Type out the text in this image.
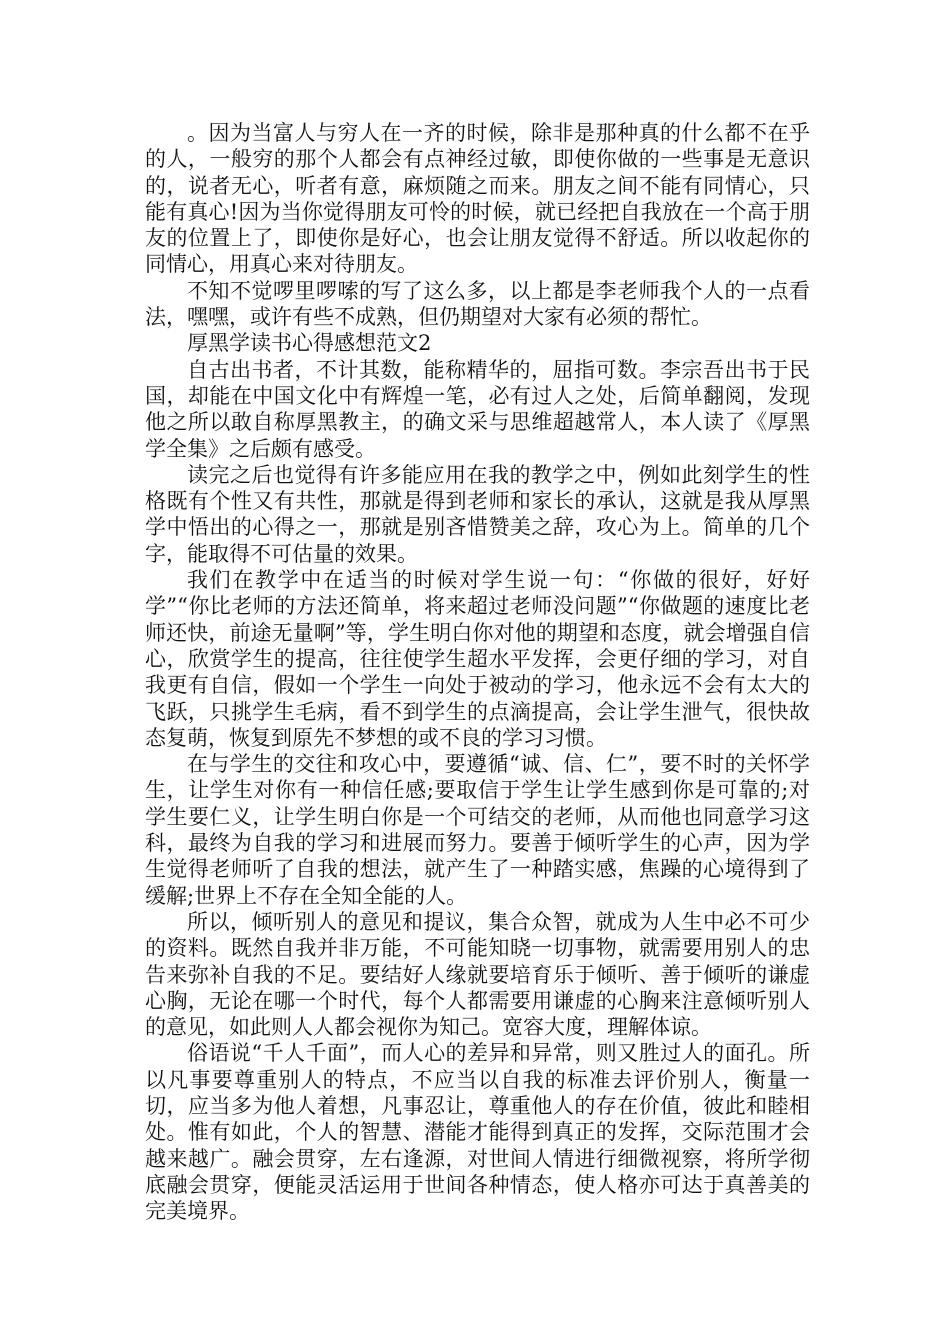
。因为当富人与穷人在一齐的时候，除非是那种真的什么都不在乎的人，一般穷的那个人都会有点神经过敏，即使你做的一些事是无意识的，说者无心，听者有意，麻烦随之而来。朋友之间不能有同情心，只能有真心!因为当你觉得朋友可怜的时候，就已经把自我放在一个高于朋友的位置上了，即使你是好心，也会让朋友觉得不舒适。所以收起你的同情心，用真心来对待朋友。

不知不觉啰里啰嗦的写了这么多，以上都是李老师我个人的一点看法，嘿嘿，或许有些不成熟，但仍期望对大家有必须的帮忙。

厚黑学读书心得感想范文2

自古出书者，不计其数，能称精华的，屈指可数。李宗吾出书于民国，却能在中国文化中有辉煌一笔，必有过人之处，后简单翻阅，发现他之所以敢自称厚黑教主，的确文采与思维超越常人，本人读了《厚黑学全集》之后颇有感受。

读完之后也觉得有许多能应用在我的教学之中，例如此刻学生的性格既有个性又有共性，那就是得到老师和家长的承认，这就是我从厚黑学中悟出的心得之一，那就是别吝惜赞美之辞，攻心为上。简单的几个字，能取得不可估量的效果。

我们在教学中在适当的时候对学生说一句：“你做的很好，好好学”“你比老师的方法还简单，将来超过老师没问题”“你做题的速度比老师还快，前途无量啊”等，学生明白你对他的期望和态度，就会增强自信心，欣赏学生的提高，往往使学生超水平发挥，会更仔细的学习，对自我更有自信，假如一个学生一向处于被动的学习，他永远不会有太大的飞跃，只挑学生毛病，看不到学生的点滴提高，会让学生泄气，很快故态复萌，恢复到原先不梦想的或不良的学习习惯。

在与学生的交往和攻心中，要遵循“诚、信、仁”，要不时的关怀学生，让学生对你有一种信任感;要取信于学生让学生感到你是可靠的;对学生要仁义，让学生明白你是一个可结交的老师，从而他也同意学习这科，最终为自我的学习和进展而努力。要善于倾听学生的心声，因为学生觉得老师听了自我的想法，就产生了一种踏实感，焦躁的心境得到了缓解;世界上不存在全知全能的人。

所以，倾听别人的意见和提议，集合众智，就成为人生中必不可少的资料。既然自我并非万能，不可能知晓一切事物，就需要用别人的忠告来弥补自我的不足。要结好人缘就要培育乐于倾听、善于倾听的谦虚心胸，无论在哪一个时代，每个人都需要用谦虚的心胸来注意倾听别人的意见，如此则人人都会视你为知己。宽容大度，理解体谅。

俗语说“千人千面”，而人心的差异和异常，则又胜过人的面孔。所以凡事要尊重别人的特点，不应当以自我的标准去评价别人，衡量一切，应当多为他人着想，凡事忍让，尊重他人的存在价值，彼此和睦相处。惟有如此，个人的智慧、潜能才能得到真正的发挥，交际范围才会越来越广。融会贯穿，左右逢源，对世间人情进行细微视察，将所学彻底融会贯穿，便能灵活运用于世间各种情态，使人格亦可达于真善美的完美境界。
